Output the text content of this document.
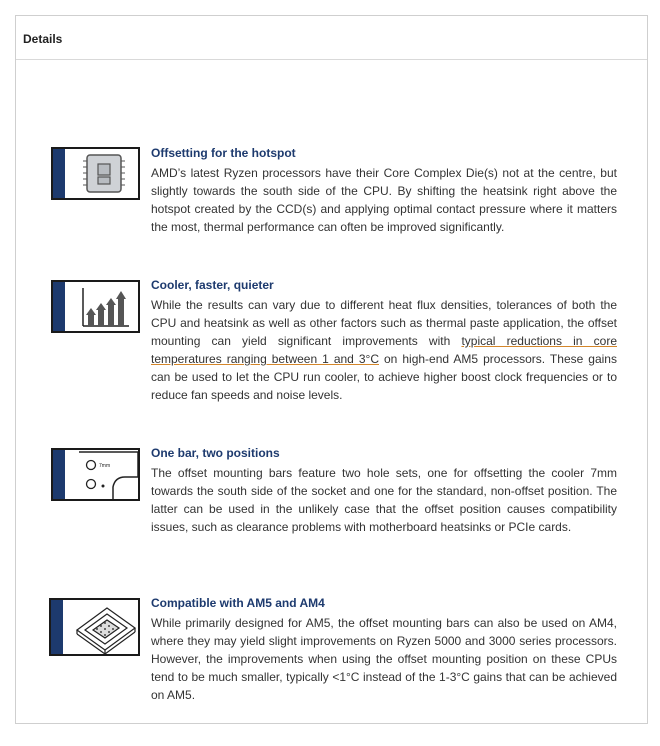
Details
Offsetting for the hotspot

AMD’s latest Ryzen processors have their Core Complex Die(s) not at the centre, but slightly towards the south side of the CPU. By shifting the heatsink right above the hotspot created by the CCD(s) and applying optimal contact pressure where it matters the most, thermal performance can often be improved significantly.

Cooler, faster, quieter

While the results can vary due to different heat flux densities, tolerances of both the CPU and heatsink as well as other factors such as thermal paste application, the offset mounting can yield significant improvements with typical reductions in core temperatures ranging between 1 and 3°C on high-end AM5 processors. These gains can be used to let the CPU run cooler, to achieve higher boost clock frequencies or to reduce fan speeds and noise levels.

7mm
One bar, two positions

The offset mounting bars feature two hole sets, one for offsetting the cooler 7mm towards the south side of the socket and one for the standard, non-offset position. The latter can be used in the unlikely case that the offset position causes compatibility issues, such as clearance problems with motherboard heatsinks or PCIe cards.

Compatible with AM5 and AM4

While primarily designed for AM5, the offset mounting bars can also be used on AM4, where they may yield slight improvements on Ryzen 5000 and 3000 series processors. However, the improvements when using the offset mounting position on these CPUs tend to be much smaller, typically <1°C instead of the 1-3°C gains that can be achieved on AM5.
